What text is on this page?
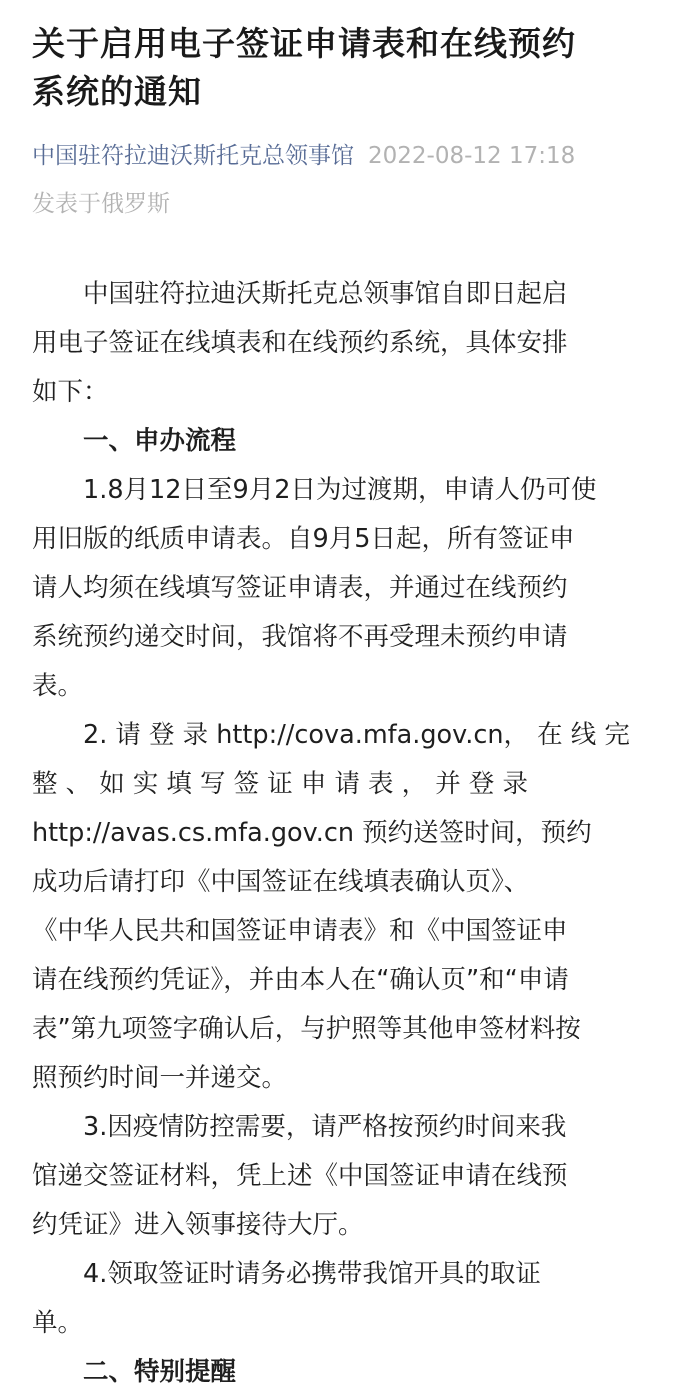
关于启用电子签证申请表和在线预约
系统的通知
中国驻符拉迪沃斯托克总领事馆 2022-08-12 17:18
发表于俄罗斯
　　中国驻符拉迪沃斯托克总领事馆自即日起启
用电子签证在线填表和在线预约系统，具体安排
如下：
　　一、申办流程
　　1.8月12日至9月2日为过渡期，申请人仍可使
用旧版的纸质申请表。自9月5日起，所有签证申
请人均须在线填写签证申请表，并通过在线预约
系统预约递交时间，我馆将不再受理未预约申请
表。
　　2. 请 登 录 http://cova.mfa.gov.cn， 在 线 完
整 、 如 实 填 写 签 证 申 请 表 ， 并 登 录
http://avas.cs.mfa.gov.cn 预约送签时间，预约
成功后请打印《中国签证在线填表确认页》、
《中华人民共和国签证申请表》和《中国签证申
请在线预约凭证》，并由本人在“确认页”和“申请
表”第九项签字确认后，与护照等其他申签材料按
照预约时间一并递交。
　　3.因疫情防控需要，请严格按预约时间来我
馆递交签证材料，凭上述《中国签证申请在线预
约凭证》进入领事接待大厅。
　　4.领取签证时请务必携带我馆开具的取证
单。
　　二、特别提醒
